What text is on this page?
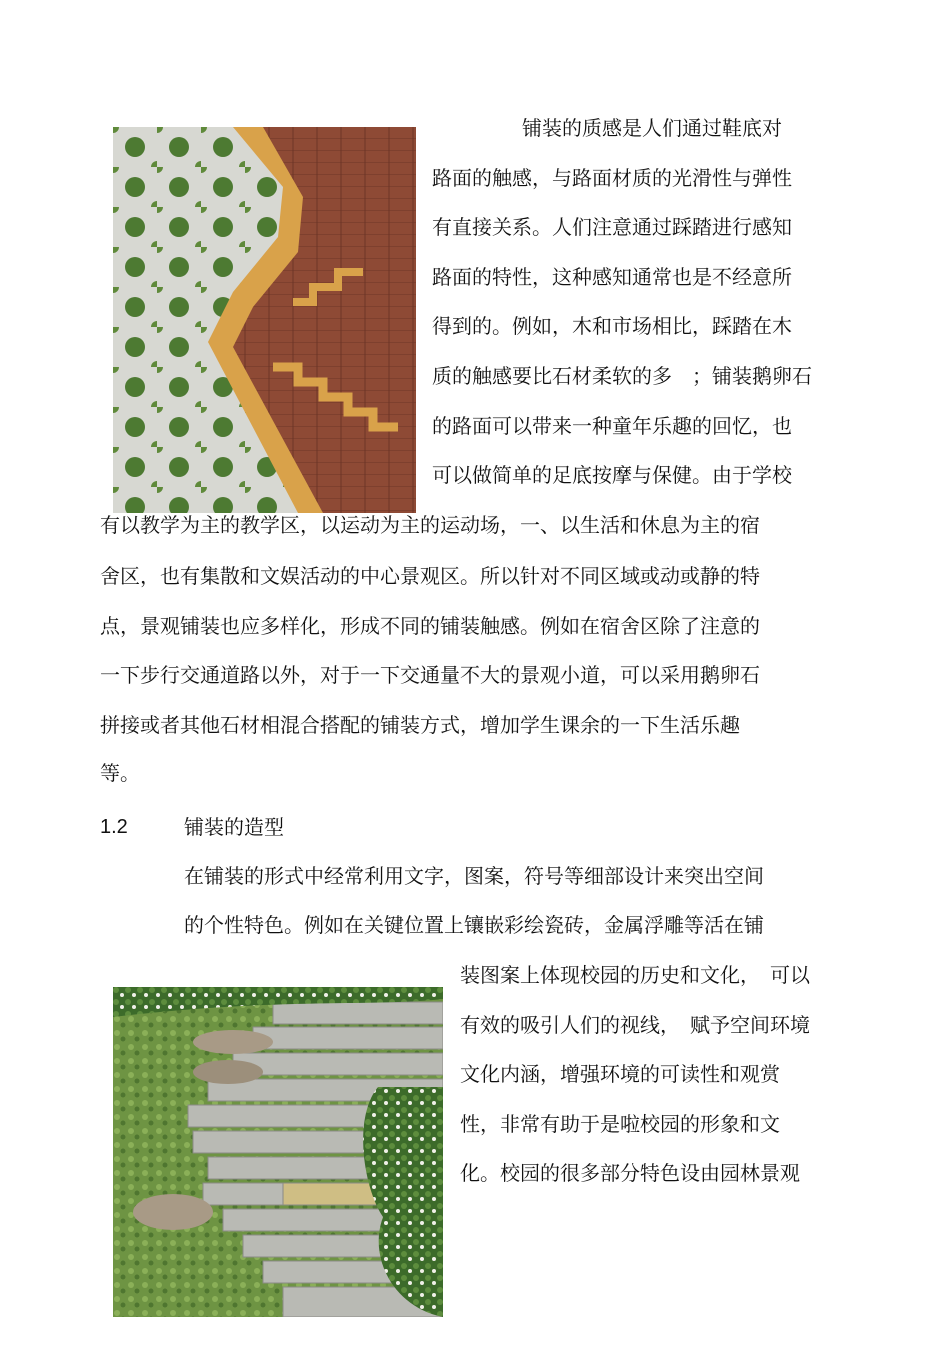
铺装的质感是人们通过鞋底对
路面的触感，与路面材质的光滑性与弹性
有直接关系。人们注意通过踩踏进行感知
路面的特性，这种感知通常也是不经意所
得到的。例如，木和市场相比，踩踏在木
质的触感要比石材柔软的多　；铺装鹅卵石
的路面可以带来一种童年乐趣的回忆，也
可以做简单的足底按摩与保健。由于学校
有以教学为主的教学区，以运动为主的运动场，一、以生活和休息为主的宿
舍区，也有集散和文娱活动的中心景观区。所以针对不同区域或动或静的特
点，景观铺装也应多样化，形成不同的铺装触感。例如在宿舍区除了注意的
一下步行交通道路以外，对于一下交通量不大的景观小道，可以采用鹅卵石
拼接或者其他石材相混合搭配的铺装方式，增加学生课余的一下生活乐趣
等。
1.2	铺装的造型
在铺装的形式中经常利用文字，图案，符号等细部设计来突出空间
的个性特色。例如在关键位置上镶嵌彩绘瓷砖，金属浮雕等活在铺
装图案上体现校园的历史和文化，　可以
有效的吸引人们的视线，　赋予空间环境
文化内涵，增强环境的可读性和观赏
性，非常有助于是啦校园的形象和文
化。校园的很多部分特色设由园林景观
